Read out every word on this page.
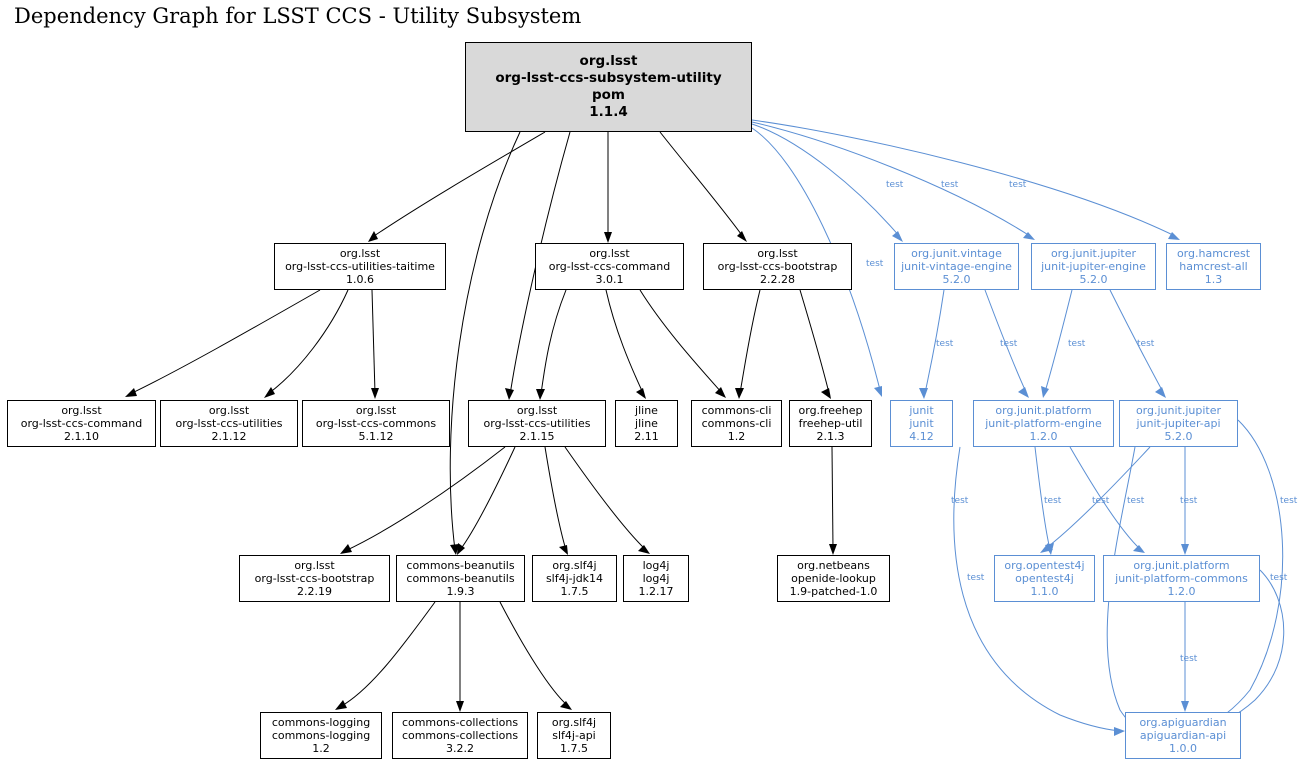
Dependency Graph for LSST CCS - Utility Subsystem
org.lsst
org-lsst-ccs-subsystem-utility
pom
1.1.4
org.lsst
org-lsst-ccs-utilities-taitime
1.0.6
org.lsst
org-lsst-ccs-command
3.0.1
org.lsst
org-lsst-ccs-bootstrap
2.2.28
org.junit.vintage
junit-vintage-engine
5.2.0
org.junit.jupiter
junit-jupiter-engine
5.2.0
org.hamcrest
hamcrest-all
1.3
org.lsst
org-lsst-ccs-command
2.1.10
org.lsst
org-lsst-ccs-utilities
2.1.12
org.lsst
org-lsst-ccs-commons
5.1.12
org.lsst
org-lsst-ccs-utilities
2.1.15
jline
jline
2.11
commons-cli
commons-cli
1.2
org.freehep
freehep-util
2.1.3
junit
junit
4.12
org.junit.platform
junit-platform-engine
1.2.0
org.junit.jupiter
junit-jupiter-api
5.2.0
org.lsst
org-lsst-ccs-bootstrap
2.2.19
commons-beanutils
commons-beanutils
1.9.3
org.slf4j
slf4j-jdk14
1.7.5
log4j
log4j
1.2.17
org.netbeans
openide-lookup
1.9-patched-1.0
org.opentest4j
opentest4j
1.1.0
org.junit.platform
junit-platform-commons
1.2.0
commons-logging
commons-logging
1.2
commons-collections
commons-collections
3.2.2
org.slf4j
slf4j-api
1.7.5
org.apiguardian
apiguardian-api
1.0.0
test	test	test
test
test	test	test	test
test	test	test test	test	test
test	test
test
